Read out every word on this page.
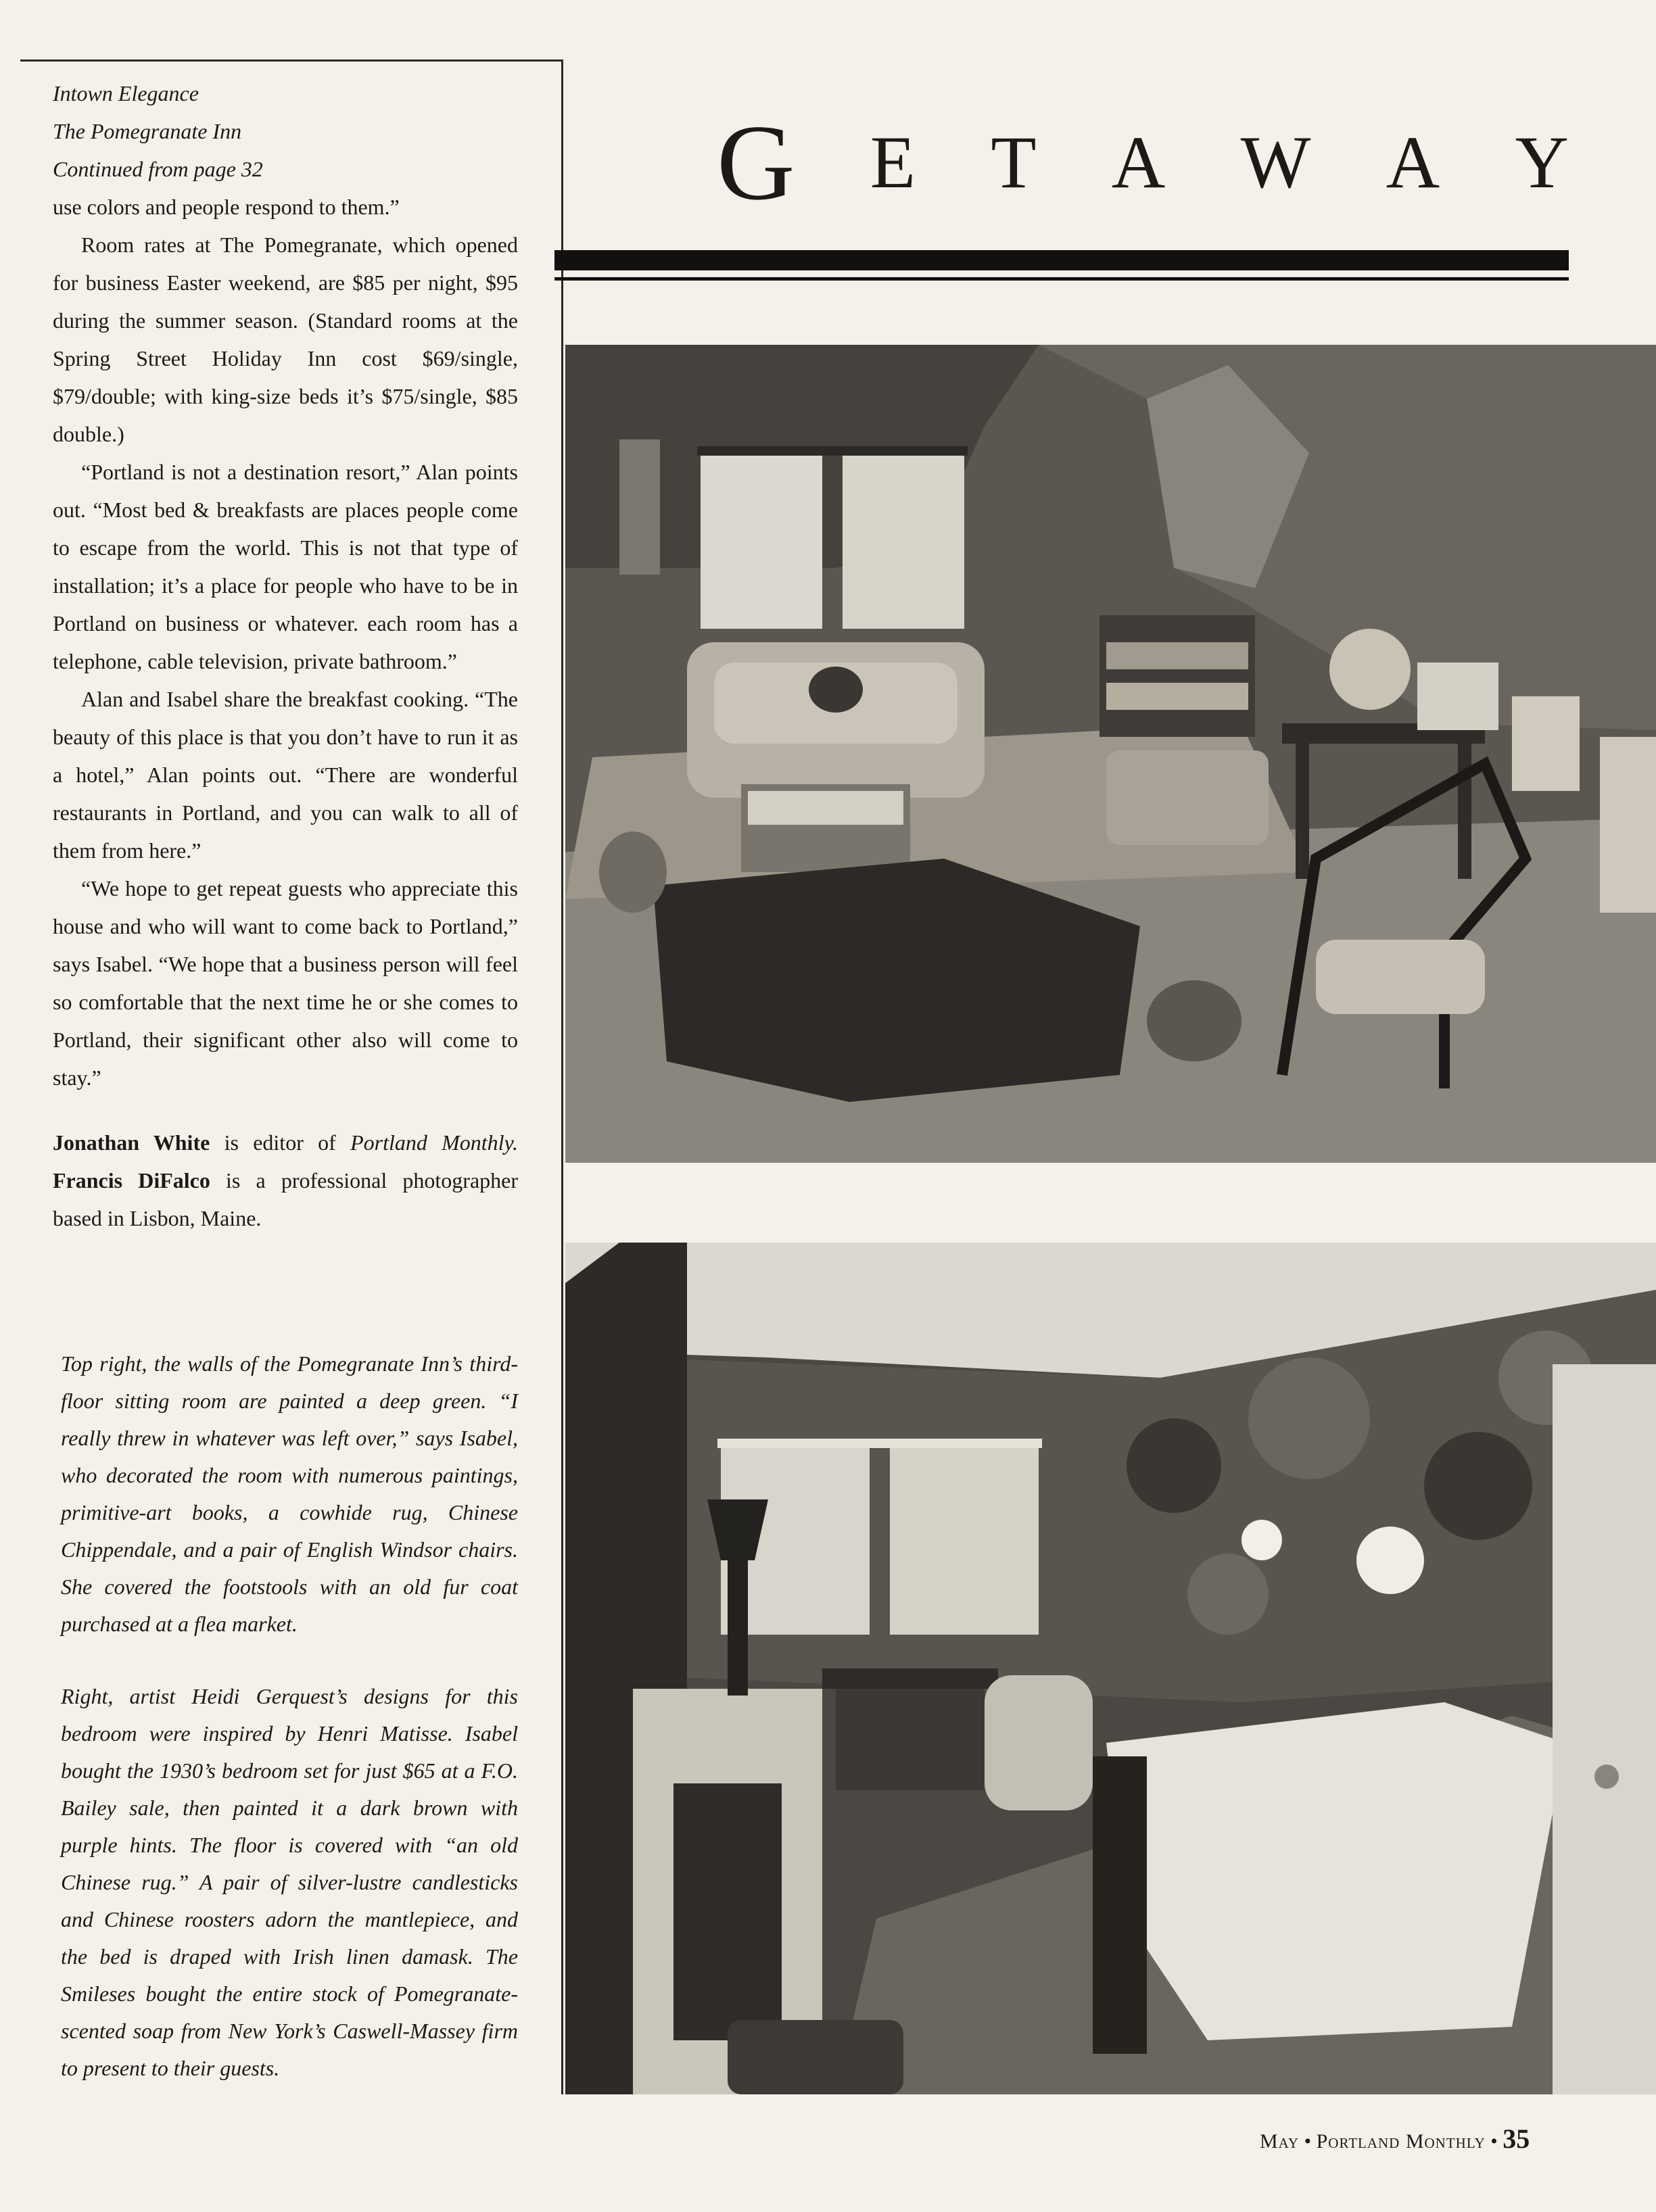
Intown Elegance
The Pomegranate Inn
Continued from page 32

use colors and people respond to them.”

Room rates at The Pomegranate, which opened for business Easter weekend, are $85 per night, $95 during the summer season. (Standard rooms at the Spring Street Holiday Inn cost $69/single, $79/double; with king-size beds it’s $75/single, $85 double.)

“Portland is not a destination resort,” Alan points out. “Most bed & breakfasts are places people come to escape from the world. This is not that type of installation; it’s a place for people who have to be in Portland on business or whatever. each room has a telephone, cable television, private bathroom.”

Alan and Isabel share the breakfast cooking. “The beauty of this place is that you don’t have to run it as a hotel,” Alan points out. “There are wonderful restaurants in Portland, and you can walk to all of them from here.”

“We hope to get repeat guests who appreciate this house and who will want to come back to Portland,” says Isabel. “We hope that a business person will feel so comfortable that the next time he or she comes to Portland, their significant other also will come to stay.”

Jonathan White is editor of Portland Monthly. Francis DiFalco is a professional photographer based in Lisbon, Maine.

Top right, the walls of the Pomegranate Inn’s third-floor sitting room are painted a deep green. “I really threw in whatever was left over,” says Isabel, who decorated the room with numerous paintings, primitive-art books, a cowhide rug, Chinese Chippendale, and a pair of English Windsor chairs. She covered the footstools with an old fur coat purchased at a flea market.

Right, artist Heidi Gerquest’s designs for this bedroom were inspired by Henri Matisse. Isabel bought the 1930’s bedroom set for just $65 at a F.O. Bailey sale, then painted it a dark brown with purple hints. The floor is covered with “an old Chinese rug.” A pair of silver-lustre candlesticks and Chinese roosters adorn the mantlepiece, and the bed is draped with Irish linen damask. The Smileses bought the entire stock of Pomegranate-scented soap from New York’s Caswell-Massey firm to present to their guests.

G E T A W A Y
May • Portland Monthly • 35
